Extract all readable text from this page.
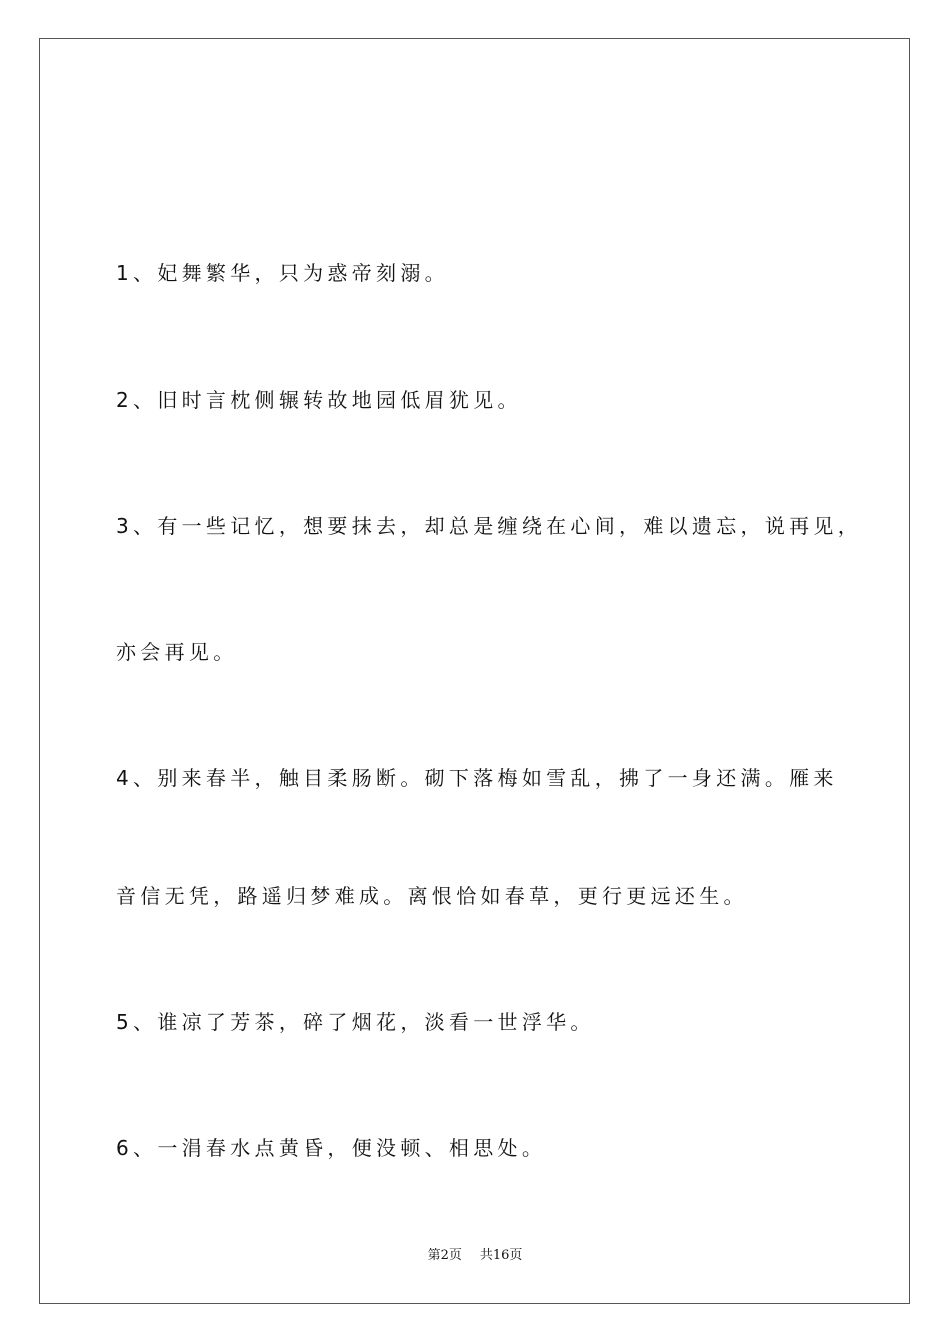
1、妃舞繁华，只为惑帝刻溺。

2、旧时言枕侧辗转故地园低眉犹见。

3、有一些记忆，想要抹去，却总是缠绕在心间，难以遗忘，说再见，

亦会再见。

4、别来春半，触目柔肠断。砌下落梅如雪乱，拂了一身还满。雁来

音信无凭，路遥归梦难成。离恨恰如春草，更行更远还生。

5、谁凉了芳茶，碎了烟花，淡看一世浮华。

6、一涓春水点黄昏，便没顿、相思处。

第2页 共16页
